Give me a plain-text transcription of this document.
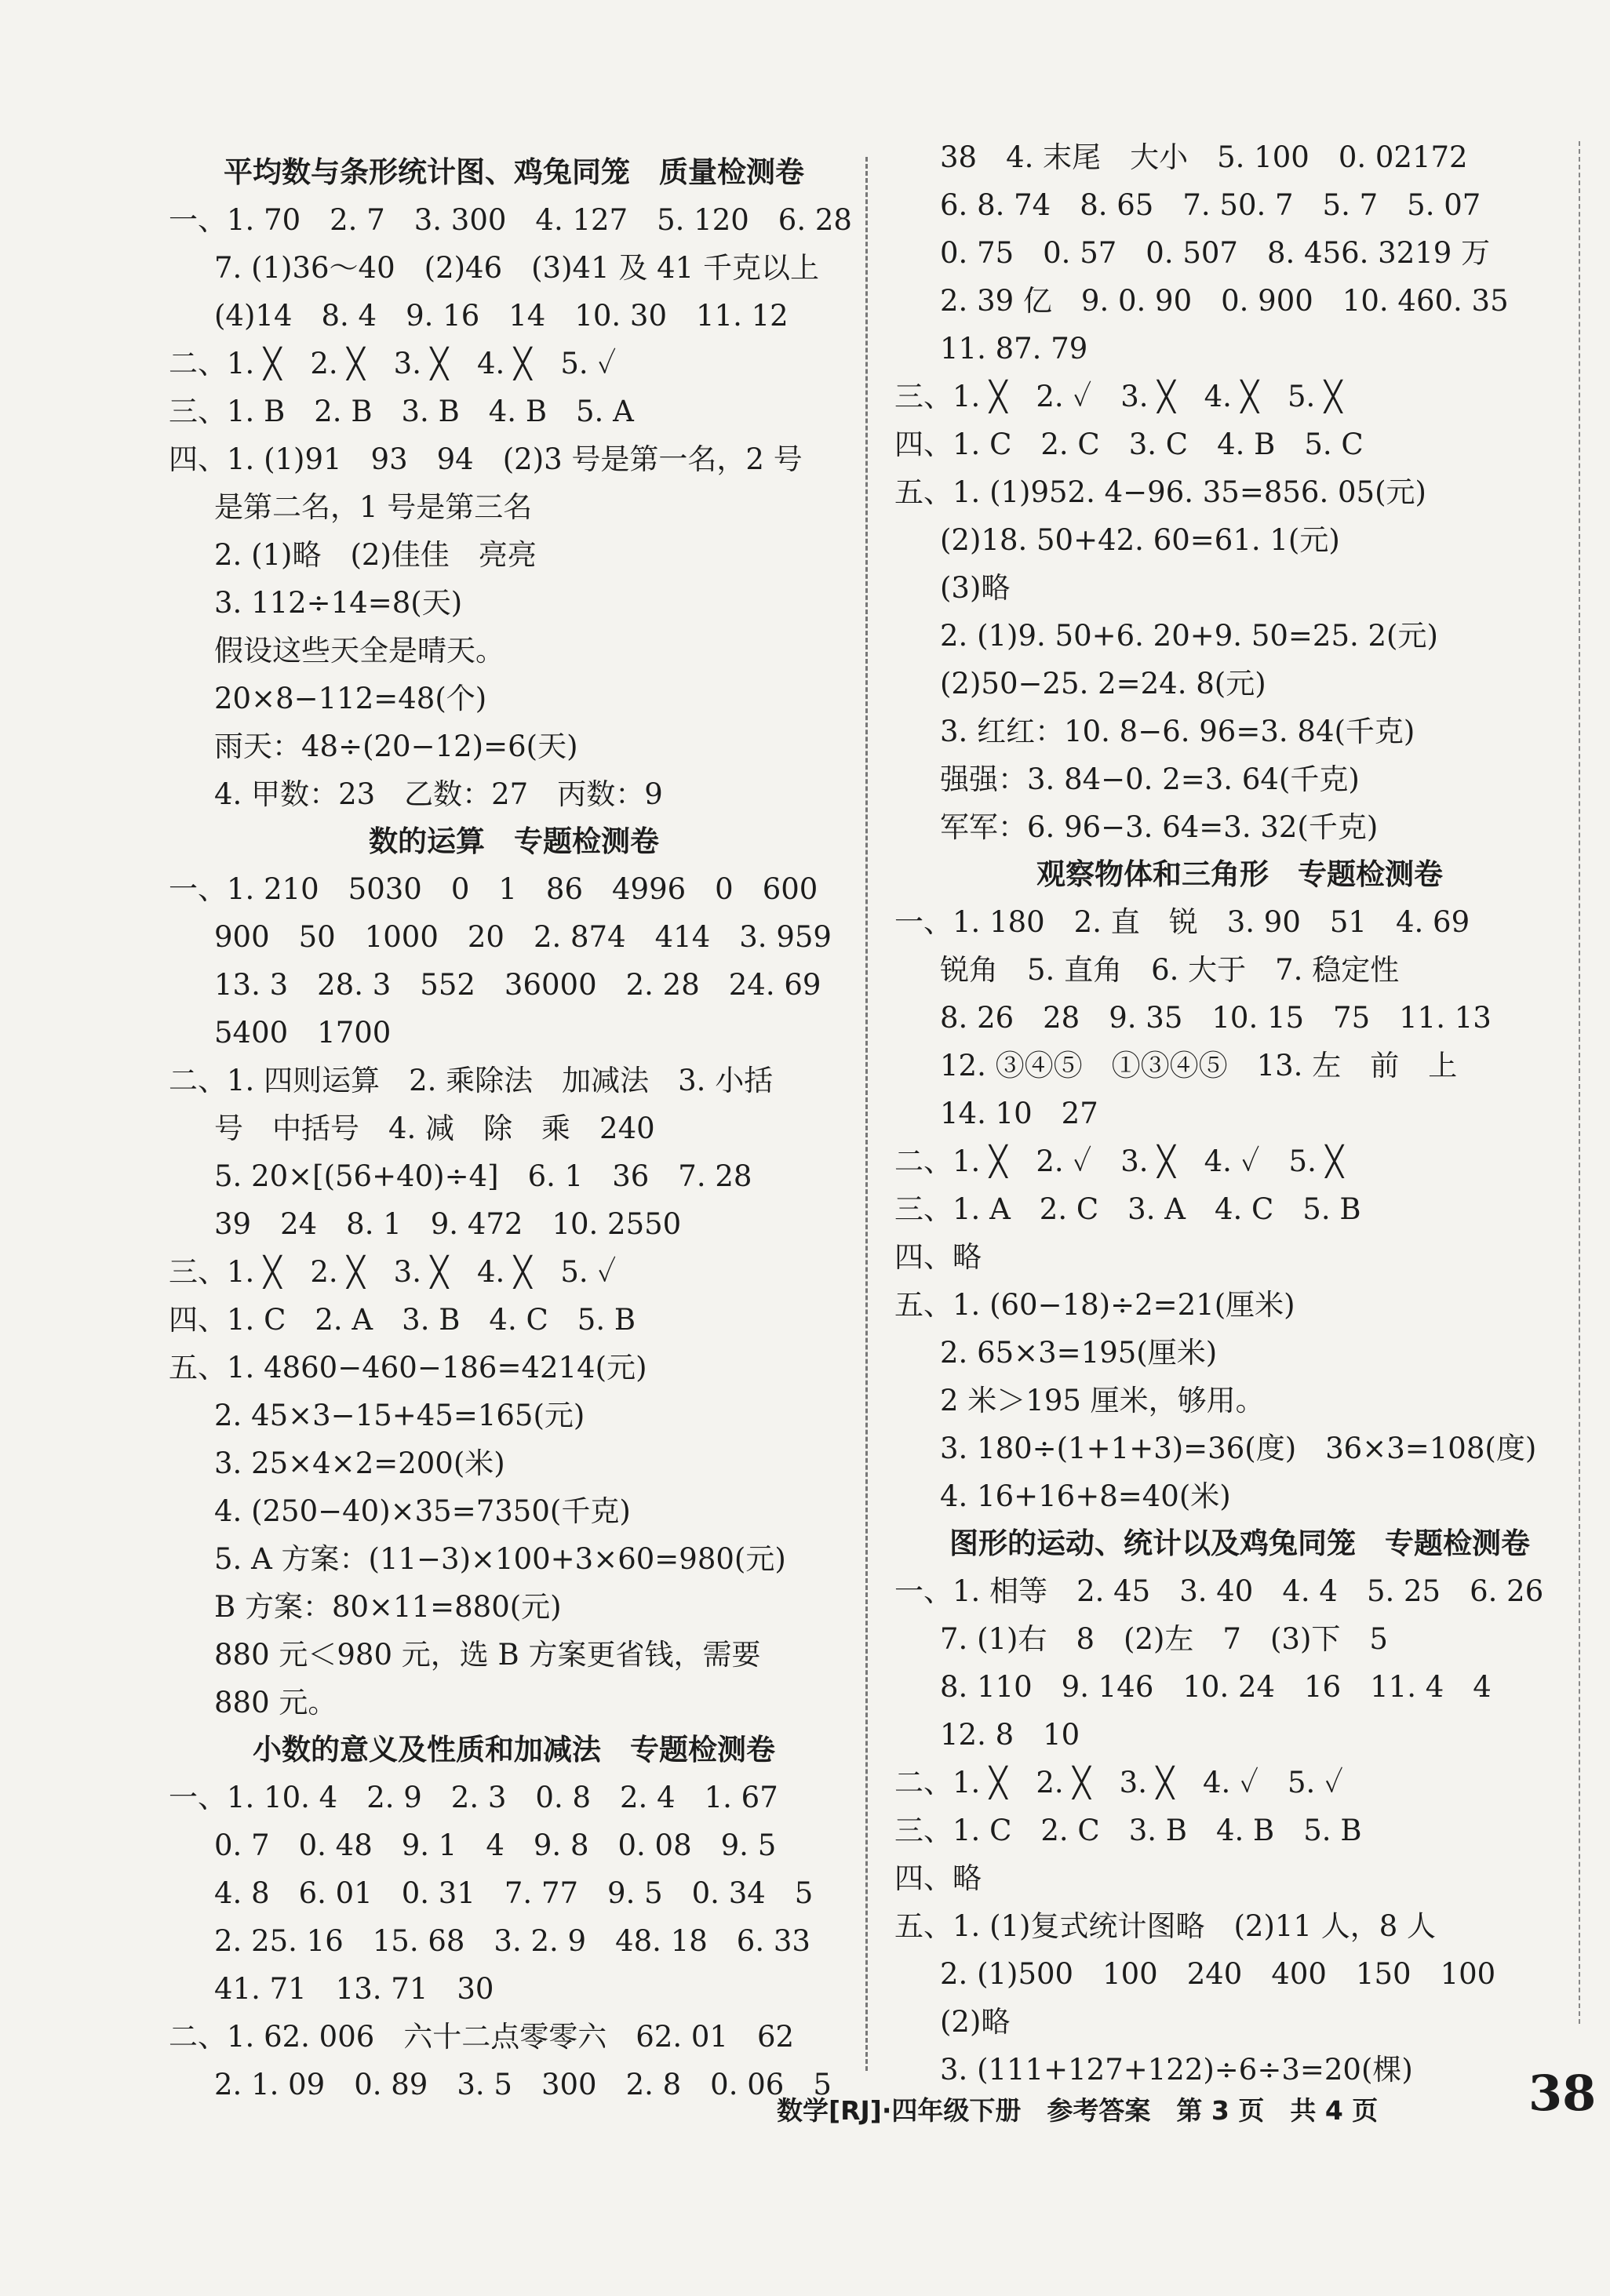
平均数与条形统计图、鸡兔同笼　质量检测卷
一、1. 70　2. 7　3. 300　4. 127　5. 120　6. 28
7. (1)36～40　(2)46　(3)41 及 41 千克以上
(4)14　8. 4　9. 16　14　10. 30　11. 12
二、1. ╳　2. ╳　3. ╳　4. ╳　5. ✓
三、1. B　2. B　3. B　4. B　5. A
四、1. (1)91　93　94　(2)3 号是第一名，2 号
是第二名，1 号是第三名
2. (1)略　(2)佳佳　亮亮
3. 112÷14=8(天)
假设这些天全是晴天。
20×8−112=48(个)
雨天：48÷(20−12)=6(天)
4. 甲数：23　乙数：27　丙数：9
数的运算　专题检测卷
一、1. 210　5030　0　1　86　4996　0　600
900　50　1000　20　2. 874　414　3. 959
13. 3　28. 3　552　36000　2. 28　24. 69
5400　1700
二、1. 四则运算　2. 乘除法　加减法　3. 小括
号　中括号　4. 减　除　乘　240
5. 20×[(56+40)÷4]　6. 1　36　7. 28
39　24　8. 1　9. 472　10. 2550
三、1. ╳　2. ╳　3. ╳　4. ╳　5. ✓
四、1. C　2. A　3. B　4. C　5. B
五、1. 4860−460−186=4214(元)
2. 45×3−15+45=165(元)
3. 25×4×2=200(米)
4. (250−40)×35=7350(千克)
5. A 方案：(11−3)×100+3×60=980(元)
B 方案：80×11=880(元)
880 元＜980 元，选 B 方案更省钱，需要
880 元。
小数的意义及性质和加减法　专题检测卷
一、1. 10. 4　2. 9　2. 3　0. 8　2. 4　1. 67
0. 7　0. 48　9. 1　4　9. 8　0. 08　9. 5
4. 8　6. 01　0. 31　7. 77　9. 5　0. 34　5
2. 25. 16　15. 68　3. 2. 9　48. 18　6. 33
41. 71　13. 71　30
二、1. 62. 006　六十二点零零六　62. 01　62
2. 1. 09　0. 89　3. 5　300　2. 8　0. 06　5
38　4. 末尾　大小　5. 100　0. 02172
6. 8. 74　8. 65　7. 50. 7　5. 7　5. 07
0. 75　0. 57　0. 507　8. 456. 3219 万
2. 39 亿　9. 0. 90　0. 900　10. 460. 35
11. 87. 79
三、1. ╳　2. ✓　3. ╳　4. ╳　5. ╳
四、1. C　2. C　3. C　4. B　5. C
五、1. (1)952. 4−96. 35=856. 05(元)
(2)18. 50+42. 60=61. 1(元)
(3)略
2. (1)9. 50+6. 20+9. 50=25. 2(元)
(2)50−25. 2=24. 8(元)
3. 红红：10. 8−6. 96=3. 84(千克)
强强：3. 84−0. 2=3. 64(千克)
军军：6. 96−3. 64=3. 32(千克)
观察物体和三角形　专题检测卷
一、1. 180　2. 直　锐　3. 90　51　4. 69
锐角　5. 直角　6. 大于　7. 稳定性
8. 26　28　9. 35　10. 15　75　11. 13
12. ③④⑤　①③④⑤　13. 左　前　上
14. 10　27
二、1. ╳　2. ✓　3. ╳　4. ✓　5. ╳
三、1. A　2. C　3. A　4. C　5. B
四、略
五、1. (60−18)÷2=21(厘米)
2. 65×3=195(厘米)
2 米＞195 厘米，够用。
3. 180÷(1+1+3)=36(度)　36×3=108(度)
4. 16+16+8=40(米)
图形的运动、统计以及鸡兔同笼　专题检测卷
一、1. 相等　2. 45　3. 40　4. 4　5. 25　6. 26
7. (1)右　8　(2)左　7　(3)下　5
8. 110　9. 146　10. 24　16　11. 4　4
12. 8　10
二、1. ╳　2. ╳　3. ╳　4. ✓　5. ✓
三、1. C　2. C　3. B　4. B　5. B
四、略
五、1. (1)复式统计图略　(2)11 人，8 人
2. (1)500　100　240　400　150　100
(2)略
3. (111+127+122)÷6÷3=20(棵)
数学[RJ]·四年级下册　参考答案　第 3 页　共 4 页	38
